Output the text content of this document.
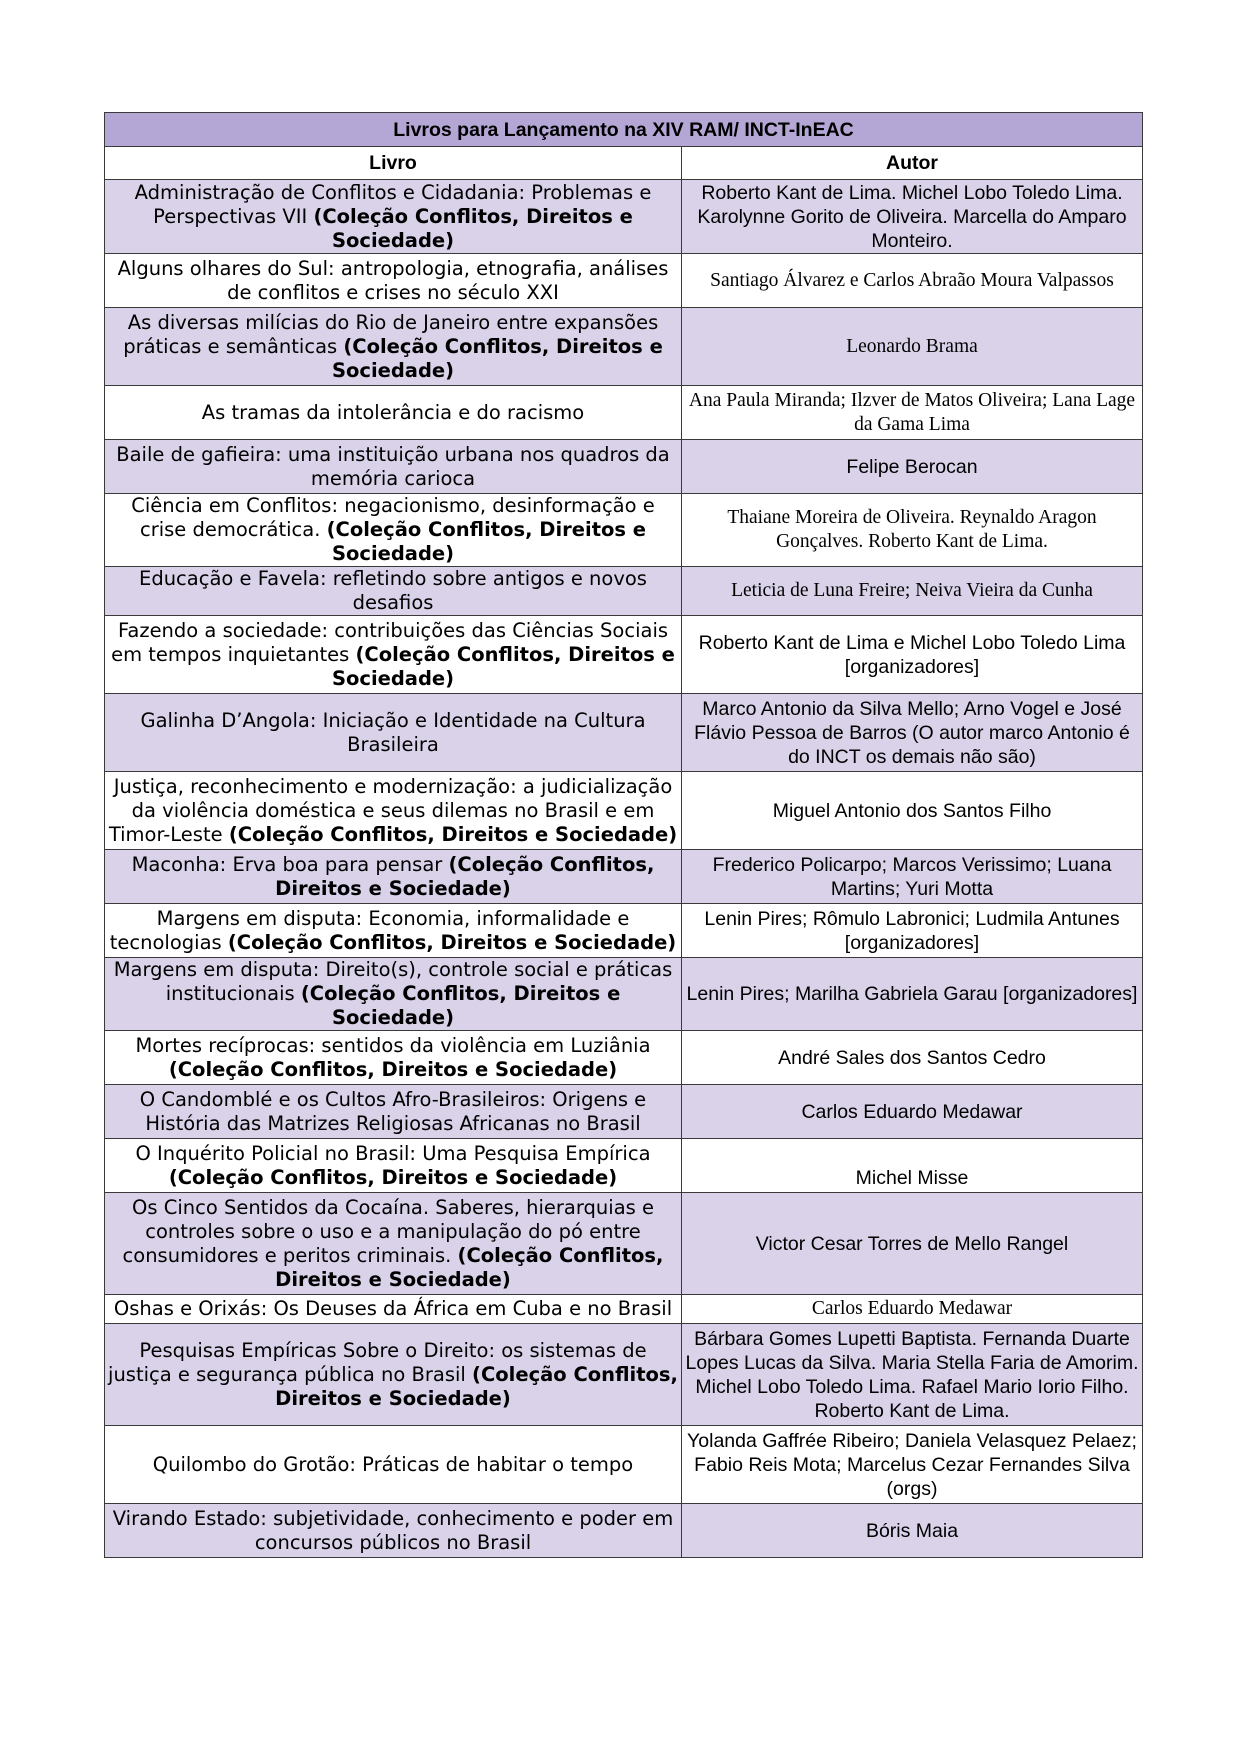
Livros para Lançamento na XIV RAM/ INCT-InEAC	
Livro	Autor
Administração de Conflitos e Cidadania: Problemas e Perspectivas VII (Coleção Conflitos, Direitos e Sociedade)	Roberto Kant de Lima. Michel Lobo Toledo Lima. Karolynne Gorito de Oliveira. Marcella do Amparo Monteiro.
Alguns olhares do Sul: antropologia, etnografia, análises de conflitos e crises no século XXI	Santiago Álvarez e Carlos Abraão Moura Valpassos
As diversas milícias do Rio de Janeiro entre expansões práticas e semânticas (Coleção Conflitos, Direitos e Sociedade)	Leonardo Brama
As tramas da intolerância e do racismo	Ana Paula Miranda; Ilzver de Matos Oliveira; Lana Lage da Gama Lima
Baile de gafieira: uma instituição urbana nos quadros da memória carioca	Felipe Berocan
Ciência em Conflitos: negacionismo, desinformação e crise democrática. (Coleção Conflitos, Direitos e Sociedade)	Thaiane Moreira de Oliveira. Reynaldo Aragon Gonçalves. Roberto Kant de Lima.
Educação e Favela: refletindo sobre antigos e novos desafios	Leticia de Luna Freire; Neiva Vieira da Cunha
Fazendo a sociedade: contribuições das Ciências Sociais em tempos inquietantes (Coleção Conflitos, Direitos e Sociedade)	Roberto Kant de Lima e Michel Lobo Toledo Lima [organizadores]
Galinha D’Angola: Iniciação e Identidade na Cultura Brasileira	Marco Antonio da Silva Mello; Arno Vogel e José Flávio Pessoa de Barros (O autor marco Antonio é do INCT os demais não são)
Justiça, reconhecimento e modernização: a judicialização da violência doméstica e seus dilemas no Brasil e em Timor-Leste (Coleção Conflitos, Direitos e Sociedade)	Miguel Antonio dos Santos Filho
Maconha: Erva boa para pensar (Coleção Conflitos, Direitos e Sociedade)	Frederico Policarpo; Marcos Verissimo; Luana Martins; Yuri Motta
Margens em disputa: Economia, informalidade e tecnologias (Coleção Conflitos, Direitos e Sociedade)	Lenin Pires; Rômulo Labronici; Ludmila Antunes [organizadores]
Margens em disputa: Direito(s), controle social e práticas institucionais (Coleção Conflitos, Direitos e Sociedade)	Lenin Pires; Marilha Gabriela Garau [organizadores]
Mortes recíprocas: sentidos da violência em Luziânia (Coleção Conflitos, Direitos e Sociedade)	André Sales dos Santos Cedro
O Candomblé e os Cultos Afro-Brasileiros: Origens e História das Matrizes Religiosas Africanas no Brasil	Carlos Eduardo Medawar
O Inquérito Policial no Brasil: Uma Pesquisa Empírica (Coleção Conflitos, Direitos e Sociedade)	Michel Misse
Os Cinco Sentidos da Cocaína. Saberes, hierarquias e controles sobre o uso e a manipulação do pó entre consumidores e peritos criminais. (Coleção Conflitos, Direitos e Sociedade)	Victor Cesar Torres de Mello Rangel
Oshas e Orixás: Os Deuses da África em Cuba e no Brasil	Carlos Eduardo Medawar
Pesquisas Empíricas Sobre o Direito: os sistemas de justiça e segurança pública no Brasil (Coleção Conflitos, Direitos e Sociedade)	Bárbara Gomes Lupetti Baptista. Fernanda Duarte Lopes Lucas da Silva. Maria Stella Faria de Amorim. Michel Lobo Toledo Lima. Rafael Mario Iorio Filho. Roberto Kant de Lima.
Quilombo do Grotão: Práticas de habitar o tempo	Yolanda Gaffrée Ribeiro; Daniela Velasquez Pelaez; Fabio Reis Mota; Marcelus Cezar Fernandes Silva (orgs)
Virando Estado: subjetividade, conhecimento e poder em concursos públicos no Brasil	Bóris Maia
